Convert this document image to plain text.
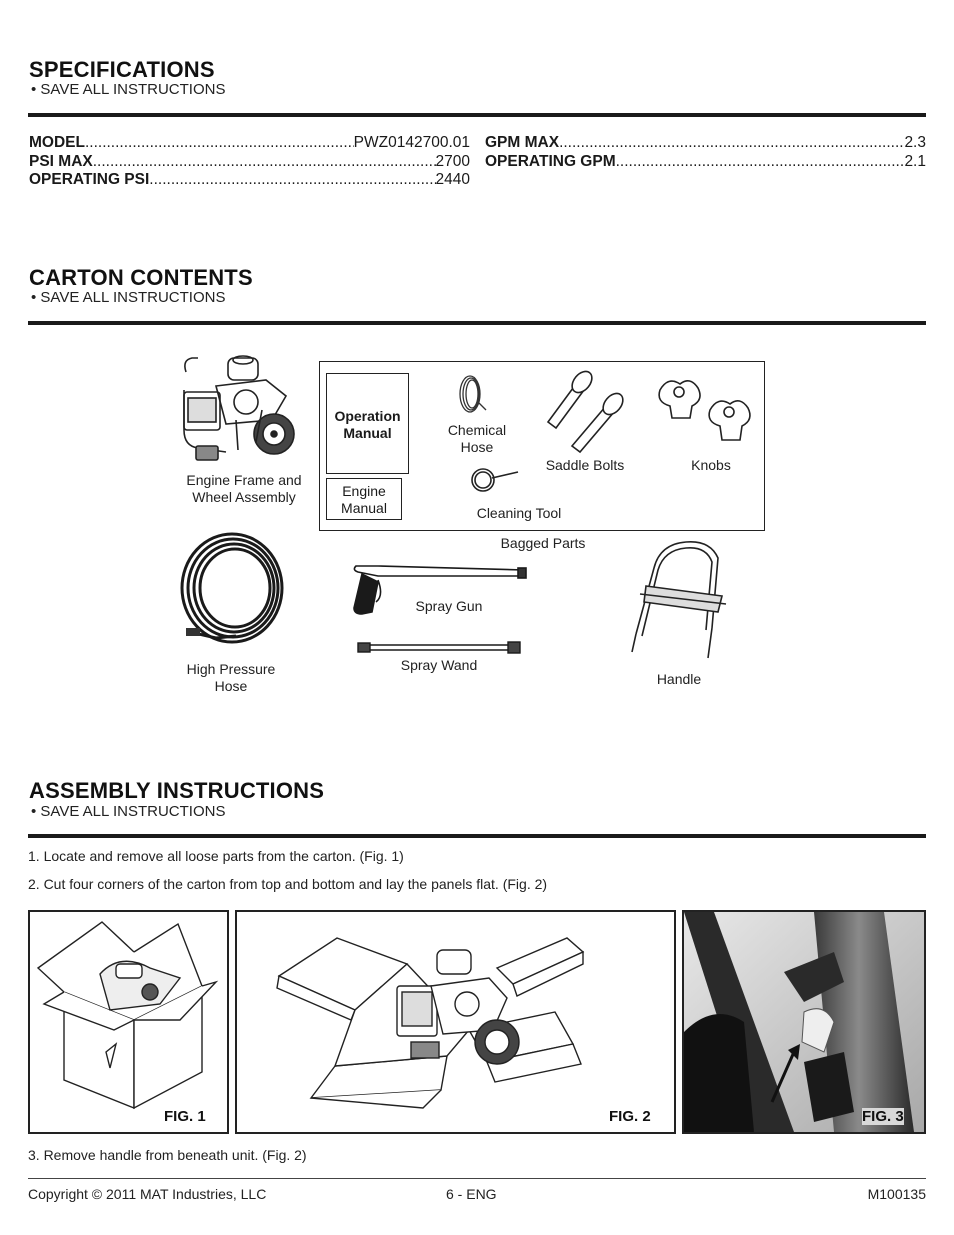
SPECIFICATIONS
• SAVE ALL INSTRUCTIONS
MODEL .....	PWZ0142700.01
PSI MAX .....	2700
OPERATING PSI .....	2440
GPM MAX .....	2.3
OPERATING GPM .....	2.1
CARTON CONTENTS
• SAVE ALL INSTRUCTIONS
Engine Frame and Wheel Assembly
Operation Manual
Engine Manual
Chemical Hose
Saddle Bolts	Knobs
Cleaning Tool
Bagged Parts
High Pressure Hose
Spray Gun
Spray Wand
Handle
ASSEMBLY INSTRUCTIONS
• SAVE ALL INSTRUCTIONS
1. Locate and remove all loose parts from the carton. (Fig. 1)
2. Cut four corners of the carton from top and bottom and lay the panels flat. (Fig. 2)
FIG. 1	FIG. 2	FIG. 3
3. Remove handle from beneath unit. (Fig. 2)
Copyright © 2011 MAT Industries, LLC	6 - ENG	M100135
